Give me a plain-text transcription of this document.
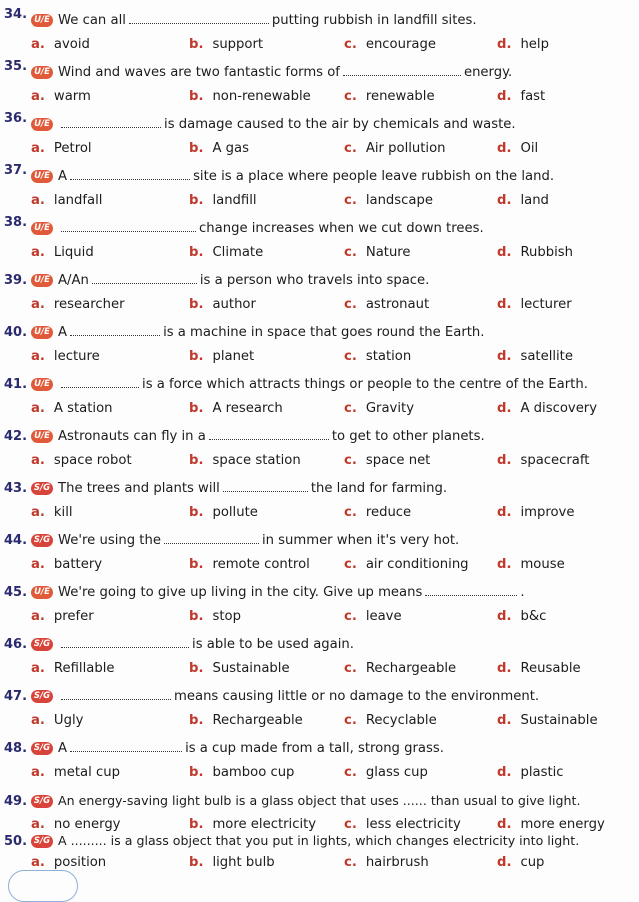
34. U/E We can all	putting rubbish in landfill sites.
a. avoid	b. support	c. encourage	d. help
35. U/E Wind and waves are two fantastic forms of	energy.
a. warm	b. non-renewable	c. renewable	d. fast
36. U/E	is damage caused to the air by chemicals and waste.
a. Petrol	b. A gas	c. Air pollution	d. Oil
37. U/E A	site is a place where people leave rubbish on the land.
a. landfall	b. landfill	c. landscape	d. land
38. U/E	change increases when we cut down trees.
a. Liquid	b. Climate	c. Nature	d. Rubbish
39. U/E A/An	is a person who travels into space.
a. researcher	b. author	c. astronaut	d. lecturer
40. U/E A	is a machine in space that goes round the Earth.
a. lecture	b. planet	c. station	d. satellite
41. U/E	is a force which attracts things or people to the centre of the Earth.
a. A station	b. A research	c. Gravity	d. A discovery
42. U/E Astronauts can fly in a	to get to other planets.
a. space robot	b. space station	c. space net	d. spacecraft
43. S/G The trees and plants will	the land for farming.
a. kill	b. pollute	c. reduce	d. improve
44. S/G We're using the	in summer when it's very hot.
a. battery	b. remote control	c. air conditioning d. mouse
45. U/E We're going to give up living in the city. Give up means	.
a. prefer	b. stop	c. leave	d. b&c
46. S/G	is able to be used again.
a. Refillable	b. Sustainable	c. Rechargeable	d. Reusable
47. S/G	means causing little or no damage to the environment.
a. Ugly	b. Rechargeable	c. Recyclable	d. Sustainable
48. S/G A	is a cup made from a tall, strong grass.
a. metal cup	b. bamboo cup	c. glass cup	d. plastic
49. S/G An energy-saving light bulb is a glass object that uses ...... than usual to give light.
a. no energy	b. more electricity c. less electricity	d. more energy
50. S/G A ......... is a glass object that you put in lights, which changes electricity into light.
a. position	b. light bulb	c. hairbrush	d. cup
